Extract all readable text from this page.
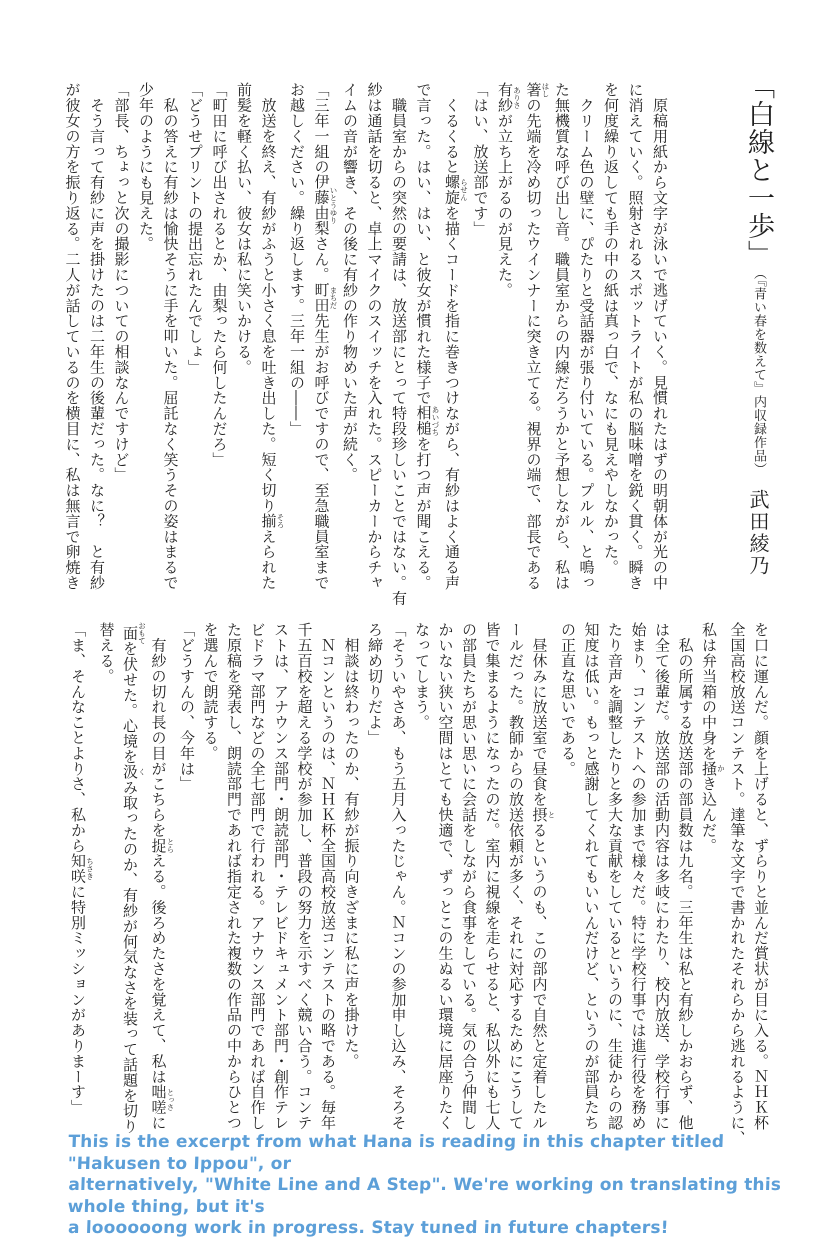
「白線と一歩」（『青い春を数えて』内収録作品）武田綾乃

　原稿用紙から文字が泳いで逃げていく。見慣れたはずの明朝体が光の中

に消えていく。照射されるスポットライトが私の脳味噌を鋭く貫く。瞬き

を何度繰り返しても手の中の紙は真っ白で、なにも見えやしなかった。

　クリーム色の壁に、ぴたりと受話器が張り付いている。プルル、と鳴っ

た無機質な呼び出し音。職員室からの内線だろうかと予想しながら、私は

箸はしの先端を冷め切ったウインナーに突き立てる。視界の端で、部長である

有紗ありさが立ち上がるのが見えた。

「はい、放送部です」

　くるくると螺旋らせんを描くコードを指に巻きつけながら、有紗はよく通る声

で言った。はい、はい、と彼女が慣れた様子で相槌あいづちを打つ声が聞こえる。

　職員室からの突然の要請は、放送部にとって特段珍しいことではない。有

紗は通話を切ると、卓上マイクのスイッチを入れた。スピーカーからチャ

イムの音が響き、その後に有紗の作り物めいた声が続く。

「三年一組の伊藤由梨いとうゆりさん。町田まちだ先生がお呼びですので、至急職員室まで

お越しください。繰り返します。三年一組の――」

　放送を終え、有紗がふうと小さく息を吐き出した。短く切り揃そろえられた

前髪を軽く払い、彼女は私に笑いかける。

「町田に呼び出されるとか、由梨ったら何したんだろ」

「どうせプリントの提出忘れたんでしょ」

　私の答えに有紗は愉快そうに手を叩いた。屈託なく笑うその姿はまるで

少年のようにも見えた。

「部長、ちょっと次の撮影についての相談なんですけど」

　そう言って有紗に声を掛けたのは二年生の後輩だった。なに？　と有紗

が彼女の方を振り返る。二人が話しているのを横目に、私は無言で卵焼き

を口に運んだ。顔を上げると、ずらりと並んだ賞状が目に入る。ＮＨＫ杯

全国高校放送コンテスト。達筆な文字で書かれたそれらから逃れるように、

私は弁当箱の中身を掻かき込んだ。

　私の所属する放送部の部員数は九名。三年生は私と有紗しかおらず、他

は全て後輩だ。放送部の活動内容は多岐にわたり、校内放送、学校行事に

始まり、コンテストへの参加まで様々だ。特に学校行事では進行役を務め

たり音声を調整したりと多大な貢献をしているというのに、生徒からの認

知度は低い。もっと感謝してくれてもいいんだけど、というのが部員たち

の正直な思いである。

　昼休みに放送室で昼食を摂とるというのも、この部内で自然と定着したル

ールだった。教師からの放送依頼が多く、それに対応するためにこうして

皆で集まるようになったのだ。室内に視線を走らせると、私以外にも七人

の部員たちが思い思いに会話をしながら食事をしている。気の合う仲間し

かいない狭い空間はとても快適で、ずっとこの生ぬるい環境に居座りたく

なってしまう。

「そういやさあ、もう五月入ったじゃん。Ｎコンの参加申し込み、そろそ

ろ締め切りだよ」

　相談は終わったのか、有紗が振り向きざまに私に声を掛けた。

　Ｎコンというのは、ＮＨＫ杯全国高校放送コンテストの略である。毎年

千五百校を超える学校が参加し、普段の努力を示すべく競い合う。コンテ

ストは、アナウンス部門・朗読部門・テレビドキュメント部門・創作テレ

ビドラマ部門などの全七部門で行われる。アナウンス部門であれば自作し

た原稿を発表し、朗読部門であれば指定された複数の作品の中からひとつ

を選んで朗読する。

「どうすんの、今年は」

　有紗の切れ長の目がこちらを捉とらえる。後ろめたさを覚えて、私は咄嗟とっさに

面おもてを伏せた。心境を汲くみ取ったのか、有紗が何気なさを装って話題を切り

替える。

「ま、そんなことよりさ、私から知咲ちさきに特別ミッションがありまーす」

This is the excerpt from what Hana is reading in this chapter titled "Hakusen to Ippou", or

alternatively, "White Line and A Step". We're working on translating this whole thing, but it's

a loooooong work in progress. Stay tuned in future chapters!
